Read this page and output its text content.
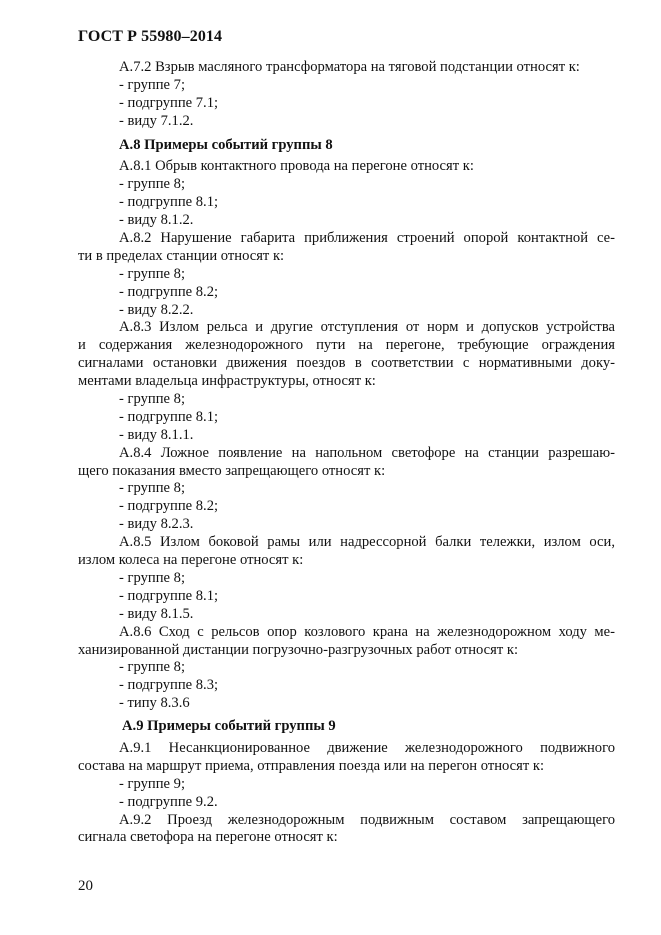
ГОСТ Р 55980–2014
А.7.2 Взрыв масляного трансформатора на тяговой подстанции относят к:
- группе 7;
- подгруппе 7.1;
- виду 7.1.2.
А.8 Примеры событий группы 8
А.8.1 Обрыв контактного провода на перегоне относят к:
- группе 8;
- подгруппе 8.1;
- виду 8.1.2.
А.8.2 Нарушение габарита приближения строений опорой контактной се-
ти в пределах станции относят к:
- группе 8;
- подгруппе 8.2;
- виду 8.2.2.
А.8.3 Излом рельса и другие отступления от норм и допусков устройства
и содержания железнодорожного пути на перегоне, требующие ограждения
сигналами остановки движения поездов в соответствии с нормативными доку-
ментами владельца инфраструктуры, относят к:
- группе 8;
- подгруппе 8.1;
- виду 8.1.1.
А.8.4 Ложное появление на напольном светофоре на станции разрешаю-
щего показания вместо запрещающего относят к:
- группе 8;
- подгруппе 8.2;
- виду 8.2.3.
А.8.5 Излом боковой рамы или надрессорной балки тележки, излом оси,
излом колеса на перегоне относят к:
- группе 8;
- подгруппе 8.1;
- виду 8.1.5.
А.8.6 Сход с рельсов опор козлового крана на железнодорожном ходу ме-
ханизированной дистанции погрузочно-разгрузочных работ относят к:
- группе 8;
- подгруппе 8.3;
- типу 8.3.6
А.9 Примеры событий группы 9
А.9.1 Несанкционированное движение железнодорожного подвижного
состава на маршрут приема, отправления поезда или на перегон относят к:
- группе 9;
- подгруппе 9.2.
А.9.2 Проезд железнодорожным подвижным составом запрещающего
сигнала светофора на перегоне относят к:
20
